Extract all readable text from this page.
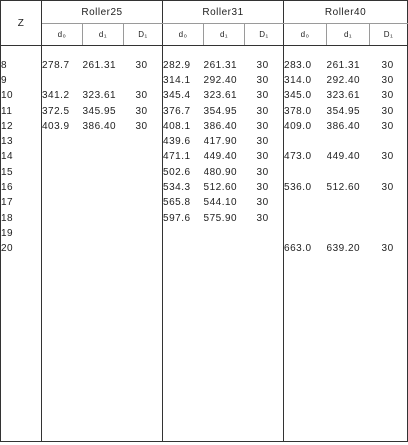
Z	Roller25			Roller31			Roller40		
	d₀	d₁	D₁	d₀	d₁	D₁	d₀	d₁	D₁

8	278.7	261.31	30	282.9	261.31	30	283.0	261.31	30
9				314.1	292.40	30	314.0	292.40	30
10	341.2	323.61	30	345.4	323.61	30	345.0	323.61	30
11	372.5	345.95	30	376.7	354.95	30	378.0	354.95	30
12	403.9	386.40	30	408.1	386.40	30	409.0	386.40	30
13				439.6	417.90	30			
14				471.1	449.40	30	473.0	449.40	30
15				502.6	480.90	30			
16				534.3	512.60	30	536.0	512.60	30
17				565.8	544.10	30			
18				597.6	575.90	30			
19									
20							663.0	639.20	30
